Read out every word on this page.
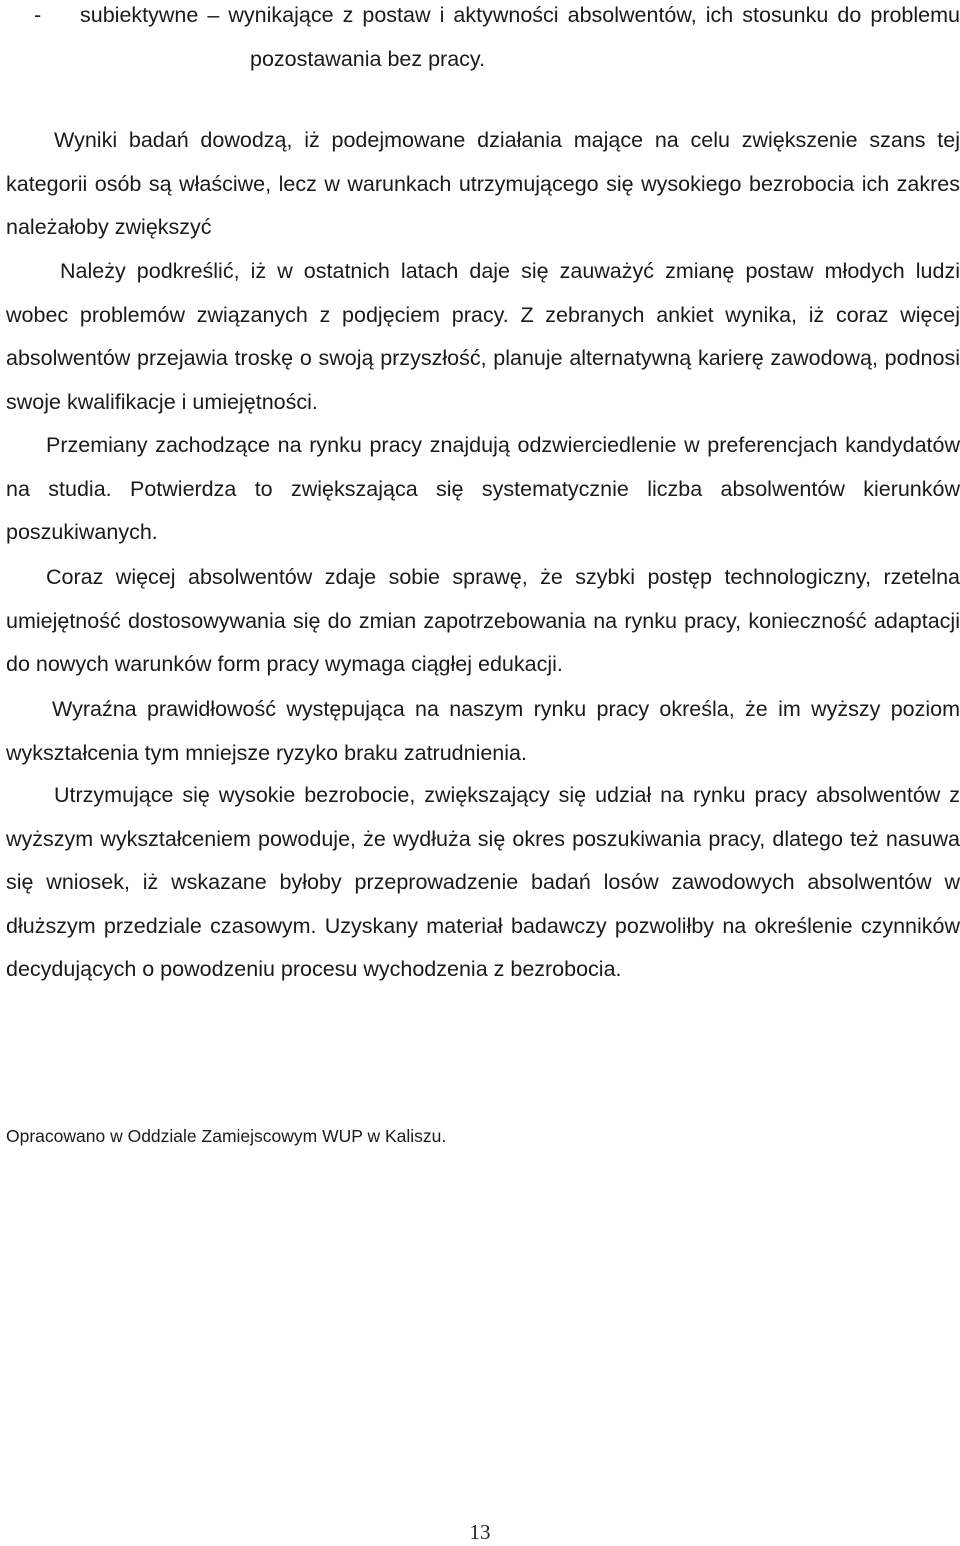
- subiektywne – wynikające z postaw i aktywności absolwentów, ich stosunku do problemu pozostawania bez pracy.

Wyniki badań dowodzą, iż podejmowane działania mające na celu zwiększenie szans tej kategorii osób są właściwe, lecz w warunkach utrzymującego się wysokiego bezrobocia ich zakres należałoby zwiększyć

Należy podkreślić, iż w ostatnich latach daje się zauważyć zmianę postaw młodych ludzi wobec problemów związanych z podjęciem pracy. Z zebranych ankiet wynika, iż coraz więcej absolwentów przejawia troskę o swoją przyszłość, planuje alternatywną karierę zawodową, podnosi swoje kwalifikacje i umiejętności.

Przemiany zachodzące na rynku pracy znajdują odzwierciedlenie w preferencjach kandydatów na studia. Potwierdza to zwiększająca się systematycznie liczba absolwentów kierunków poszukiwanych.

Coraz więcej absolwentów zdaje sobie sprawę, że szybki postęp technologiczny, rzetelna umiejętność dostosowywania się do zmian zapotrzebowania na rynku pracy, konieczność adaptacji do nowych warunków form pracy wymaga ciągłej edukacji.

Wyraźna prawidłowość występująca na naszym rynku pracy określa, że im wyższy poziom wykształcenia tym mniejsze ryzyko braku zatrudnienia.

Utrzymujące się wysokie bezrobocie, zwiększający się udział na rynku pracy absolwentów z wyższym wykształceniem powoduje, że wydłuża się okres poszukiwania pracy, dlatego też nasuwa się wniosek, iż wskazane byłoby przeprowadzenie badań losów zawodowych absolwentów w dłuższym przedziale czasowym. Uzyskany materiał badawczy pozwoliłby na określenie czynników decydujących o powodzeniu procesu wychodzenia z bezrobocia.

Opracowano w Oddziale Zamiejscowym WUP w Kaliszu.

13
